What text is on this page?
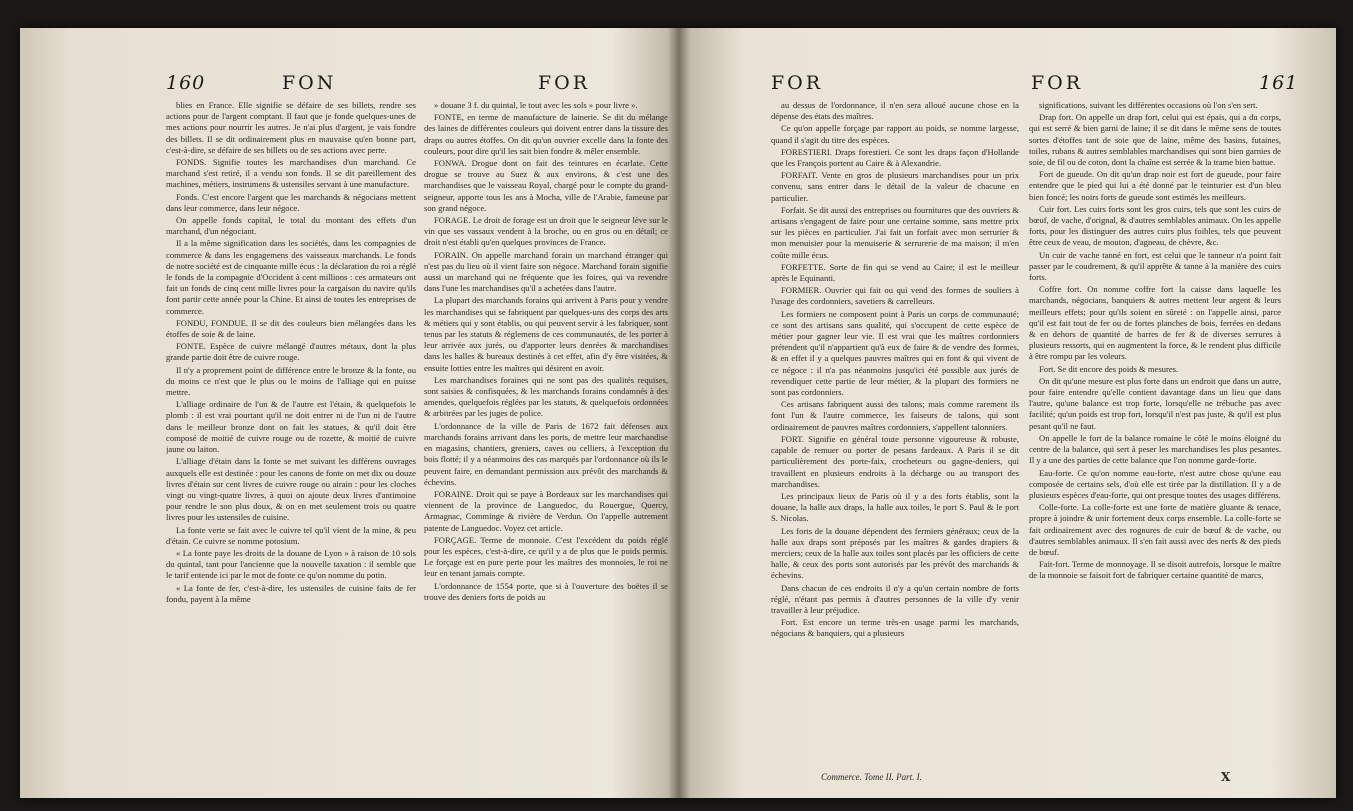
160	FON	FOR

blies en France. Elle signifie se défaire de ses billets, rendre ses actions pour de l'argent comptant. Il faut que je fonde quelques-unes de mes actions pour nourrir les autres. Je n'ai plus d'argent, je vais fondre des billets. Il se dit ordinairement plus en mauvaise qu'en bonne part, c'est-à-dire, se défaire de ses billets ou de ses actions avec perte.

FONDS. Signifie toutes les marchandises d'un marchand. Ce marchand s'est retiré, il a vendu son fonds. Il se dit pareillement des machines, métiers, instrumens & ustensiles servant à une manufacture.

Fonds. C'est encore l'argent que les marchands & négocians mettent dans leur commerce, dans leur négoce.

On appelle fonds capital, le total du montant des effets d'un marchand, d'un négociant.

Il a la même signification dans les sociétés, dans les compagnies de commerce & dans les engagemens des vaisseaux marchands. Le fonds de notre société est de cinquante mille écus : la déclaration du roi a réglé le fonds de la compagnie d'Occident à cent millions : ces armateurs ont fait un fonds de cinq cent mille livres pour la cargaison du navire qu'ils font partir cette année pour la Chine. Et ainsi de toutes les entreprises de commerce.

FONDU, FONDUE. Il se dit des couleurs bien mélangées dans les étoffes de soie & de laine.

FONTE. Espèce de cuivre mélangé d'autres métaux, dont la plus grande partie doit être de cuivre rouge.

Il n'y a proprement point de différence entre le bronze & la fonte, ou du moins ce n'est que le plus ou le moins de l'alliage qui en puisse mettre.

L'alliage ordinaire de l'un & de l'autre est l'étain, & quelquefois le plomb : il est vrai pourtant qu'il ne doit entrer ni de l'un ni de l'autre dans le meilleur bronze dont on fait les statues, & qu'il doit être composé de moitié de cuivre rouge ou de rozette, & moitié de cuivre jaune ou laiton.

L'alliage d'étain dans la fonte se met suivant les différens ouvrages auxquels elle est destinée : pour les canons de fonte on met dix ou douze livres d'étain sur cent livres de cuivre rouge ou airain : pour les cloches vingt ou vingt-quatre livres, à quoi on ajoute deux livres d'antimoine pour rendre le son plus doux, & on en met seulement trois ou quatre livres pour les ustensiles de cuisine.

La fonte verte se fait avec le cuivre tel qu'il vient de la mine, & peu d'étain. Ce cuivre se nomme potosium.

« La fonte paye les droits de la douane de Lyon » à raison de 10 sols du quintal, tant pour l'ancienne que la nouvelle taxation : il semble que le tarif entende ici par le mot de fonte ce qu'on nomme du potin.

« La fonte de fer, c'est-à-dire, les ustensiles de cuisine faits de fer fondu, payent à la même

» douane 3 f. du quintal, le tout avec les sols » pour livre ».

FONTE, en terme de manufacture de lainerie. Se dit du mélange des laines de différentes couleurs qui doivent entrer dans la tissure des draps ou autres étoffes. On dit qu'un ouvrier excelle dans la fonte des couleurs, pour dire qu'il les sait bien fondre & mêler ensemble.

FONWA. Drogue dont on fait des teintures en écarlate. Cette drogue se trouve au Suez & aux environs, & c'est une des marchandises que le vaisseau Royal, chargé pour le compte du grand-seigneur, apporte tous les ans à Mocha, ville de l'Arabie, fameuse par son grand négoce.

FORAGE. Le droit de forage est un droit que le seigneur lève sur le vin que ses vassaux vendent à la broche, ou en gros ou en détail; ce droit n'est établi qu'en quelques provinces de France.

FORAIN. On appelle marchand forain un marchand étranger qui n'est pas du lieu où il vient faire son négoce. Marchand forain signifie aussi un marchand qui ne fréquente que les foires, qui va revendre dans l'une les marchandises qu'il a achetées dans l'autre.

La plupart des marchands forains qui arrivent à Paris pour y vendre les marchandises qui se fabriquent par quelques-uns des corps des arts & métiers qui y sont établis, ou qui peuvent servir à les fabriquer, sont tenus par les statuts & réglemens de ces communautés, de les porter à leur arrivée aux jurés, ou d'apporter leurs denrées & marchandises dans les halles & bureaux destinés à cet effet, afin d'y être visitées, & ensuite lotties entre les maîtres qui désirent en avoir.

Les marchandises foraines qui ne sont pas des qualités requises, sont saisies & confisquées, & les marchands forains condamnés à des amendes, quelquefois réglées par les statuts, & quelquefois ordonnées & arbitrées par les juges de police.

L'ordonnance de la ville de Paris de 1672 fait défenses aux marchands forains arrivant dans les ports, de mettre leur marchandise en magasins, chantiers, greniers, caves ou celliers, à l'exception du bois flotté; il y a néanmoins des cas marqués par l'ordonnance où ils le peuvent faire, en demandant permission aux prévôt des marchands & échevins.

FORAINE. Droit qui se paye à Bordeaux sur les marchandises qui viennent de la province de Languedoc, du Rouergue, Quercy, Armagnac, Comminge & rivière de Verdun. On l'appelle autrement patente de Languedoc. Voyez cet article.

FORÇAGE. Terme de monnoie. C'est l'excédent du poids réglé pour les espèces, c'est-à-dire, ce qu'il y a de plus que le poids permis. Le forçage est en pure perte pour les maîtres des monnoies, le roi ne leur en tenant jamais compte.

L'ordonnance de 1554 porte, que si à l'ouverture des boëtes il se trouve des deniers forts de poids au

FOR	FOR	161

au dessus de l'ordonnance, il n'en sera alloué aucune chose en la dépense des états des maîtres.

Ce qu'on appelle forçage par rapport au poids, se nomme largesse, quand il s'agit du titre des espèces.

FORESTIERI. Draps forestieri. Ce sont les draps façon d'Hollande que les François portent au Caire & à Alexandrie.

FORFAIT. Vente en gros de plusieurs marchandises pour un prix convenu, sans entrer dans le détail de la valeur de chacune en particulier.

Forfait. Se dit aussi des entreprises ou fournitures que des ouvriers & artisans s'engagent de faire pour une certaine somme, sans mettre prix sur les pièces en particulier. J'ai fait un forfait avec mon serrurier & mon menuisier pour la menuiserie & serrurerie de ma maison; il m'en coûte mille écus.

FORFETTE. Sorte de fin qui se vend au Caire; il est le meilleur après le Equinanti.

FORMIER. Ouvrier qui fait ou qui vend des formes de souliers à l'usage des cordonniers, savetiers & carrelleurs.

Les formiers ne composent point à Paris un corps de communauté; ce sont des artisans sans qualité, qui s'occupent de cette espèce de métier pour gagner leur vie. Il est vrai que les maîtres cordonniers prétendent qu'il n'appartient qu'à eux de faire & de vendre des formes, & en effet il y a quelques pauvres maîtres qui en font & qui vivent de ce négoce : il n'a pas néanmoins jusqu'ici été possible aux jurés de revendiquer cette partie de leur métier, & la plupart des formiers ne sont pas cordonniers.

Ces artisans fabriquent aussi des talons; mais comme rarement ils font l'un & l'autre commerce, les faiseurs de talons, qui sont ordinairement de pauvres maîtres cordonniers, s'appellent talonniers.

FORT. Signifie en général toute personne vigoureuse & robuste, capable de remuer ou porter de pesans fardeaux. A Paris il se dit particulièrement des porte-faix, crocheteurs ou gagne-deniers, qui travaillent en plusieurs endroits à la décharge ou au transport des marchandises.

Les principaux lieux de Paris où il y a des forts établis, sont la douane, la halle aux draps, la halle aux toiles, le port S. Paul & le port S. Nicolas.

Les forts de la douane dépendent des fermiers généraux; ceux de la halle aux draps sont préposés par les maîtres & gardes drapiers & merciers; ceux de la halle aux toiles sont placés par les officiers de cette halle, & ceux des ports sont autorisés par les prévôt des marchands & échevins.

Dans chacun de ces endroits il n'y a qu'un certain nombre de forts réglé, n'étant pas permis à d'autres personnes de la ville d'y venir travailler à leur préjudice.

Fort. Est encore un terme très-en usage parmi les marchands, négocians & banquiers, qui a plusieurs

significations, suivant les différentes occasions où l'on s'en sert.

Drap fort. On appelle un drap fort, celui qui est épais, qui a du corps, qui est serré & bien garni de laine; il se dit dans le même sens de toutes sortes d'étoffes tant de soie que de laine, même des basins, futaines, toiles, rubans & autres semblables marchandises qui sont bien garnies de soie, de fil ou de coton, dont la chaîne est serrée & la trame bien battue.

Fort de gueude. On dit qu'un drap noir est fort de gueude, pour faire entendre que le pied qui lui a été donné par le teinturier est d'un bleu bien foncé; les noirs forts de gueude sont estimés les meilleurs.

Cuir fort. Les cuirs forts sont les gros cuirs, tels que sont les cuirs de bœuf, de vache, d'orignal, & d'autres semblables animaux. On les appelle forts, pour les distinguer des autres cuirs plus foibles, tels que peuvent être ceux de veau, de mouton, d'agneau, de chèvre, &c.

Un cuir de vache tanné en fort, est celui que le tanneur n'a point fait passer par le coudrement, & qu'il apprête & tanne à la manière des cuirs forts.

Coffre fort. On nomme coffre fort la caisse dans laquelle les marchands, négocians, banquiers & autres mettent leur argent & leurs meilleurs effets; pour qu'ils soient en sûreté : on l'appelle ainsi, parce qu'il est fait tout de fer ou de fortes planches de bois, ferrées en dedans & en dehors de quantité de barres de fer & de diverses serrures à plusieurs ressorts, qui en augmentent la force, & le rendent plus difficile à être rompu par les voleurs.

Fort. Se dit encore des poids & mesures.

On dit qu'une mesure est plus forte dans un endroit que dans un autre, pour faire entendre qu'elle contient davantage dans un lieu que dans l'autre, qu'une balance est trop forte, lorsqu'elle ne trébuche pas avec facilité; qu'un poids est trop fort, lorsqu'il n'est pas juste, & qu'il est plus pesant qu'il ne faut.

On appelle le fort de la balance romaine le côté le moins éloigné du centre de la balance, qui sert à peser les marchandises les plus pesantes. Il y a une des parties de cette balance que l'on nomme garde-forte.

Eau-forte. Ce qu'on nomme eau-forte, n'est autre chose qu'une eau composée de certains sels, d'où elle est tirée par la distillation. Il y a de plusieurs espèces d'eau-forte, qui ont presque toutes des usages différens.

Colle-forte. La colle-forte est une forte de matière gluante & tenace, propre à joindre & unir fortement deux corps ensemble. La colle-forte se fait ordinairement avec des rognures de cuir de bœuf & de vache, ou d'autres semblables animaux. Il s'en fait aussi avec des nerfs & des pieds de bœuf.

Fait-fort. Terme de monnoyage. Il se disoit autrefois, lorsque le maître de la monnoie se faisoit fort de fabriquer certaine quantité de marcs,

Commerce. Tome II. Part. I.	X
